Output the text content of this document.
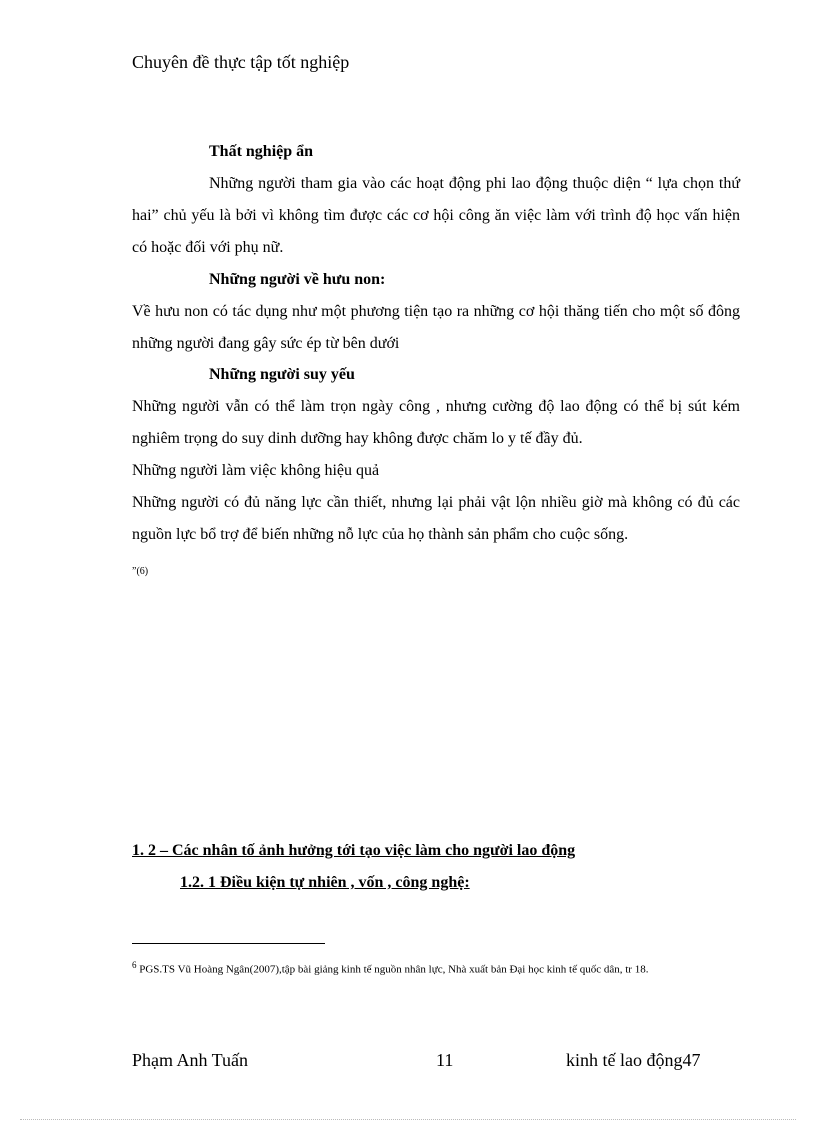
Chuyên đề thực tập tốt nghiệp
Thất nghiệp ẩn
Những người tham gia vào các hoạt động phi lao động thuộc diện “ lựa chọn thứ hai” chủ yếu là bởi vì không tìm được các cơ hội công ăn việc làm với trình độ học vấn hiện có hoặc đối với phụ nữ.
Những người về hưu non:
Về hưu non có tác dụng như một phương tiện tạo ra những cơ hội thăng tiến cho một số đông những người đang gây sức ép từ bên dưới
Những người suy yếu
Những người vẫn có thể làm trọn ngày công , nhưng cường độ lao động có thể bị sút kém nghiêm trọng do suy dinh dưỡng hay không được chăm lo y tế đầy đủ.
Những người làm việc không hiệu quả
Những người có đủ năng lực cần thiết, nhưng lại phải vật lộn nhiều giờ mà không có đủ các nguồn lực bổ trợ để biến những nỗ lực của họ thành sản phẩm cho cuộc sống.
”(6)
1. 2 – Các nhân tố ảnh hưởng tới tạo việc làm cho người lao động
1.2. 1 Điều kiện tự nhiên , vốn , công nghệ:
$^6$ PGS.TS Vũ Hoàng Ngân(2007),tập bài giảng kinh tế nguồn nhân lực, Nhà xuất bản Đại học kinh tế quốc dân, tr 18.
Phạm Anh Tuấn	11	kinh tế lao động47
